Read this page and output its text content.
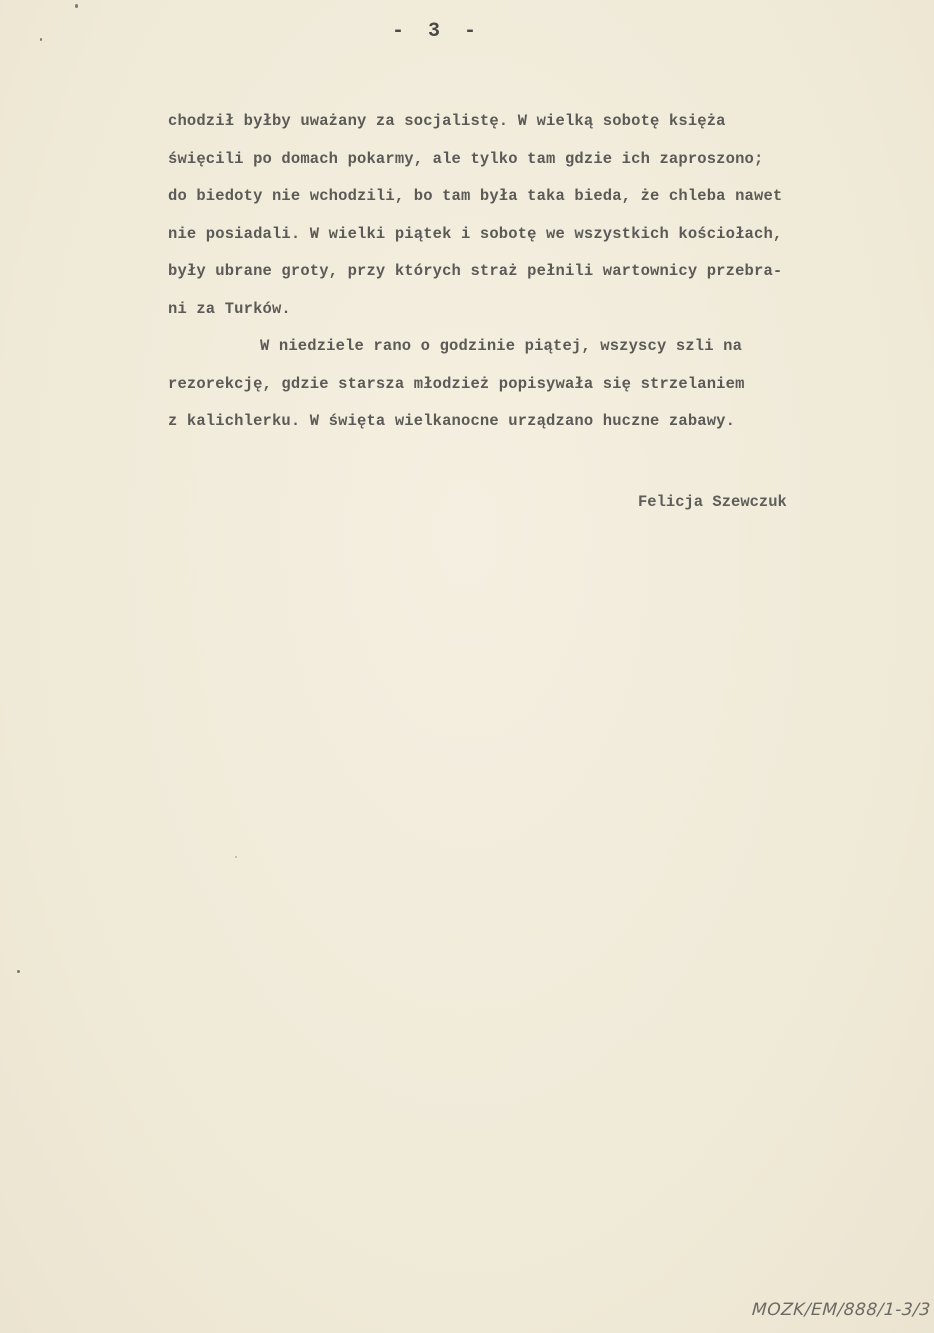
- 3 -
chodził byłby uważany za socjalistę. W wielką sobotę księża
święcili po domach pokarmy, ale tylko tam gdzie ich zaproszono;
do biedoty nie wchodzili, bo tam była taka bieda, że chleba nawet
nie posiadali. W wielki piątek i sobotę we wszystkich kościołach,
były ubrane groty, przy których straż pełnili wartownicy przebra-
ni za Turków.
W niedziele rano o godzinie piątej, wszyscy szli na
rezorekcję, gdzie starsza młodzież popisywała się strzelaniem
z kalichlerku. W święta wielkanocne urządzano huczne zabawy.
Felicja Szewczuk
MOZK/EM/888/1-3/3
